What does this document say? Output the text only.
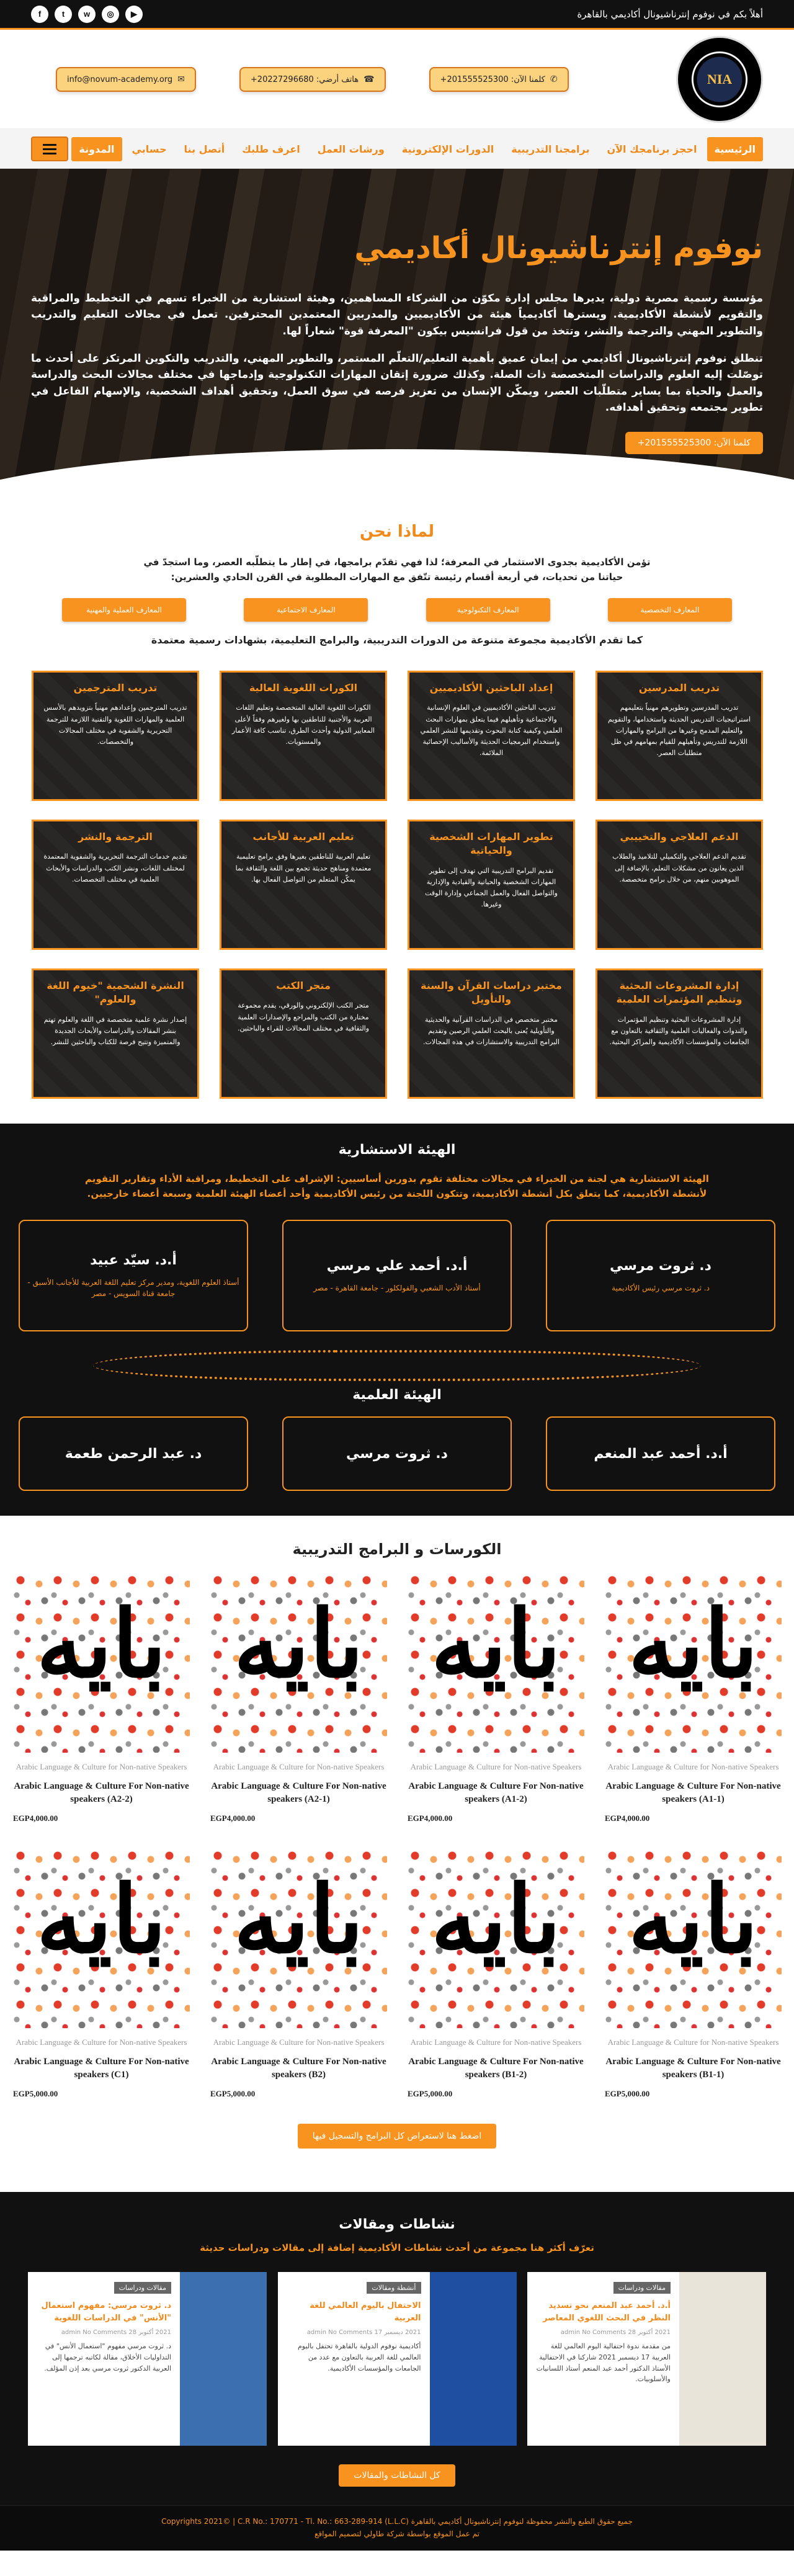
أهلاً بكم في نوفوم إنترناشيونال أكاديمي بالقاهرة
f	t	w	◎	▶
NIA
✆
كلمنا الآن: 201555525300+
☎
هاتف أرضي: 20227296680+
✉
info@novum-academy.org
الرئيسية
احجز برنامجك الآن
برامجنا التدريبية
الدورات الإلكترونية
ورشات العمل
اعرف طلبك
أتصل بنا
حسابي
المدونة
نوفوم إنترناشيونال أكاديمي

مؤسسة رسمية مصرية دولية، يديرها مجلس إدارة مكوّن من الشركاء المساهمين، وهيئة استشارية من الخبراء تسهم في التخطيط والمراقبة والتقويم لأنشطة الأكاديمية. ويسترها أكاديمياً هيئة من الأكاديميين والمدربين المعتمدين المحترفين. تعمل في مجالات التعليم والتدريب والتطوير المهني والترجمة والنشر، وتتخذ من قول فرانسيس بيكون "المعرفة قوة" شعاراً لها.

تنطلق نوفوم إنترناشيونال أكاديمي من إيمان عميق بأهمية التعليم/التعلّم المستمر، والتطوير المهني، والتدريب والتكوين المرتكز على أحدث ما توصّلت إليه العلوم والدراسات المتخصصة ذات الصلة. وكذلك ضرورة إتقان المهارات التكنولوجية وإدماجها في مختلف مجالات البحث والدراسة والعمل والحياة بما يساير متطلّبات العصر، ويمكّن الإنسان من تعزيز فرصه في سوق العمل، وتحقيق أهداف الشخصية، والإسهام الفاعل في تطوير مجتمعه وتحقيق أهدافه.

كلمنا الآن: 201555525300+
لماذا نحن

تؤمن الأكاديمية بجدوى الاستثمار في المعرفة؛ لذا فهي تقدّم برامجها، في إطار ما يتطلّبه العصر، وما استجدّ في حياتنا من تحديات، في أربعة أقسام رئيسة تتّفق مع المهارات المطلوبة في القرن الحادي والعشرين:

المعارف التخصصية
المعارف التكنولوجية
المعارف الاجتماعية
المعارف العملية والمهنية

كما تقدم الأكاديمية مجموعة متنوعة من الدورات التدريبية، والبرامج التعليمية، بشهادات رسمية معتمدة

تدريب المدرسين

تدريب المدرسين وتطويرهم مهنياً بتعليمهم استراتيجيات التدريس الحديثة واستخدامها، والتقويم والتعليم المدمج وغيرها من البرامج والمهارات اللازمة للتدريس وتأهيلهم للقيام بمهامهم في ظل متطلبات العصر.

إعداد الباحثين الأكاديميين

تدريب الباحثين الأكاديميين في العلوم الإنسانية والاجتماعية وتأهيلهم فيما يتعلق بمهارات البحث العلمي وكيفية كتابة البحوث وتقديمها للنشر العلمي واستخدام البرمجيات الحديثة والأساليب الإحصائية الملائمة.

الكورات اللغوية العالية

الكورات اللغوية العالية المتخصصة وتعليم اللغات العربية والأجنبية للناطقين بها ولغيرهم وفقاً لأعلى المعايير الدولية وأحدث الطرق، تناسب كافة الأعمار والمستويات.

تدريب المترجمين

تدريب المترجمين وإعدادهم مهنياً بتزويدهم بالأسس العلمية والمهارات اللغوية والتقنية اللازمة للترجمة التحريرية والشفوية في مختلف المجالات والتخصصات.

الدعم العلاجي والتخييبي

تقديم الدعم العلاجي والتكميلي للتلاميذ والطلاب الذين يعانون من مشكلات التعلم، بالإضافة إلى الموهوبين منهم، من خلال برامج متخصصة.

تطوير المهارات الشخصية والحياتية

تقديم البرامج التدريبية التي تهدف إلى تطوير المهارات الشخصية والحياتية والقيادية والإدارية والتواصل الفعال والعمل الجماعي وإدارة الوقت وغيرها.

تعليم العربية للأجانب

تعليم العربية للناطقين بغيرها وفق برامج تعليمية معتمدة ومناهج حديثة تجمع بين اللغة والثقافة بما يمكّن المتعلم من التواصل الفعال بها.

الترجمة والنشر

تقديم خدمات الترجمة التحريرية والشفوية المعتمدة لمختلف اللغات، ونشر الكتب والدراسات والأبحاث العلمية في مختلف التخصصات.

إدارة المشروعات البحثية وتنظيم المؤتمرات العلمية

إدارة المشروعات البحثية وتنظيم المؤتمرات والندوات والفعاليات العلمية والثقافية بالتعاون مع الجامعات والمؤسسات الأكاديمية والمراكز البحثية.

مختبر دراسات القرآن والسنة والتأويل

مختبر متخصص في الدراسات القرآنية والحديثية والتأويلية يُعنى بالبحث العلمي الرصين وتقديم البرامج التدريبية والاستشارات في هذه المجالات.

متجر الكتب

متجر الكتب الإلكتروني والورقي، يقدم مجموعة مختارة من الكتب والمراجع والإصدارات العلمية والثقافية في مختلف المجالات للقراء والباحثين.

النشرة الشحمية "خيوم اللغة والعلوم"

إصدار نشرة علمية متخصصة في اللغة والعلوم تهتم بنشر المقالات والدراسات والأبحاث الجديدة والمتميزة وتتيح فرصة للكتاب والباحثين للنشر.

الهيئة الاستشارية

الهيئة الاستشارية هي لجنة من الخبراء في مجالات مختلفة تقوم بدورين أساسيين: الإشراف على التخطيط، ومراقبة الأداء وتقارير التقويم لأنشطة الأكاديمية، كما يتعلق بكل أنشطة الأكاديمية، وتتكون اللجنة من رئيس الأكاديمية وأحد أعضاء الهيئة العلمية وسبعة أعضاء خارجيين.

د. ثروت مرسي

د. ثروت مرسي رئيس الأكاديمية

أ.د. أحمد علي مرسي

أستاذ الأدب الشعبي والفولكلور - جامعة القاهرة - مصر

أ.د. سيّد عبيد

أستاذ العلوم اللغوية، ومدير مركز تعليم اللغة العربية للأجانب الأسبق - جامعة قناة السويس - مصر

الهيئة العلمية
أ.د. أحمد عبد المنعم
د. ثروت مرسي
د. عبد الرحمن طعمة
الكورسات و البرامج التدريبية
بايه
Arabic Language & Culture for Non-native Speakers
Arabic Language & Culture For Non-native speakers (A1-1)
EGP4,000.00
بايه
Arabic Language & Culture for Non-native Speakers
Arabic Language & Culture For Non-native speakers (A1-2)
EGP4,000.00
بايه
Arabic Language & Culture for Non-native Speakers
Arabic Language & Culture For Non-native speakers (A2-1)
EGP4,000.00
بايه
Arabic Language & Culture for Non-native Speakers
Arabic Language & Culture For Non-native speakers (A2-2)
EGP4,000.00
بايه
Arabic Language & Culture for Non-native Speakers
Arabic Language & Culture For Non-native speakers (B1-1)
EGP5,000.00
بايه
Arabic Language & Culture for Non-native Speakers
Arabic Language & Culture For Non-native speakers (B1-2)
EGP5,000.00
بايه
Arabic Language & Culture for Non-native Speakers
Arabic Language & Culture For Non-native speakers (B2)
EGP5,000.00
بايه
Arabic Language & Culture for Non-native Speakers
Arabic Language & Culture For Non-native speakers (C1)
EGP5,000.00
اضغط هنا لاستعراض كل البرامج والتسجيل فيها
نشاطات ومقالات

تعرّف أكثر هنا مجموعة من أحدث نشاطات الأكاديمية إضافة إلى مقالات ودراسات حديثة

مقالات ودراسات
أ.د. أحمد عبد المنعم نحو تسديد النظر في البحث اللغوي المعاصر
2021 أكتوبر 28 admin No Comments
من مقدمة ندوة احتفالية اليوم العالمي للغة العربية 17 ديسمبر 2021 شاركنا في الاحتفالية الأستاذ الدكتور أحمد عبد المنعم أستاذ اللسانيات والأسلوبيات.
أنشطة ومقالات
الاحتفال باليوم العالمي للغة العربية
2021 ديسمبر 17 admin No Comments
أكاديمية نوفوم الدولية بالقاهرة تحتفل باليوم العالمي للغة العربية بالتعاون مع عدد من الجامعات والمؤسسات الأكاديمية.
مقالات ودراسات
د. ثروت مرسي: مفهوم استعمال "الأنس" في الدراسات اللغوية
2021 أكتوبر 28 admin No Comments
د. ثروت مرسي مفهوم "استعمال الأنس" في التداوليات الأخلاق، مقالة لكاتبه ترجمها إلى العربية الدكتور ثروت مرسي بعد إذن المؤلف.
كل النشاطات والمقالات
جميع حقوق الطبع والنشر محفوظة لنوفوم إنترناشيونال أكاديمي بالقاهرة Copyrights 2021© | C.R No.: 170771 - Tl. No.: 663-289-914 (L.L.C)
تم عمل الموقع بواسطة شركة طاولي لتصميم المواقع
